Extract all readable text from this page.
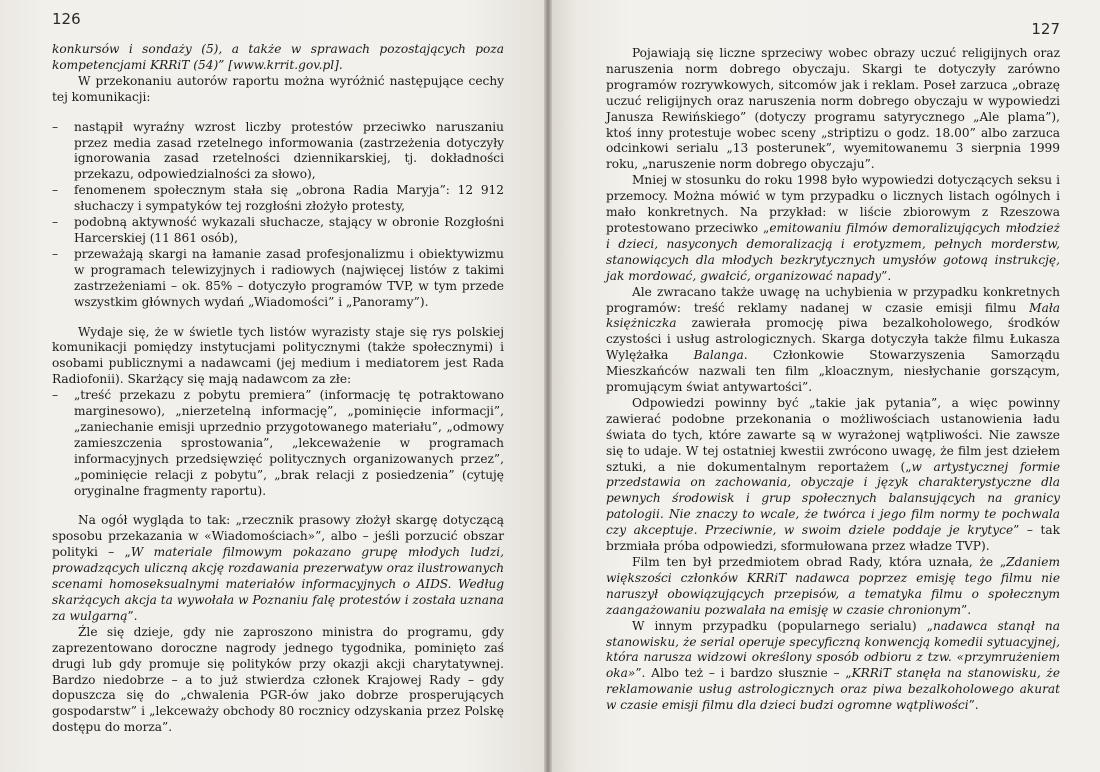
126

konkursów i sondaży (5), a także w sprawach pozostających poza kompetencjami KRRiT (54)” [www.krrit.gov.pl].

W przekonaniu autorów raportu można wyróżnić następujące cechy tej komunikacji:

– nastąpił wyraźny wzrost liczby protestów przeciwko naruszaniu przez media zasad rzetelnego informowania (zastrzeżenia dotyczyły ignorowania zasad rzetelności dziennikarskiej, tj. dokładności przekazu, odpowiedzialności za słowo),
– fenomenem społecznym stała się „obrona Radia Maryja”: 12 912 słuchaczy i sympatyków tej rozgłośni złożyło protesty,
– podobną aktywność wykazali słuchacze, stający w obronie Rozgłośni Harcerskiej (11 861 osób),
– przeważają skargi na łamanie zasad profesjonalizmu i obiektywizmu w programach telewizyjnych i radiowych (najwięcej listów z takimi zastrzeżeniami – ok. 85% – dotyczyło programów TVP, w tym przede wszystkim głównych wydań „Wiadomości” i „Panoramy”).

Wydaje się, że w świetle tych listów wyrazisty staje się rys polskiej komunikacji pomiędzy instytucjami politycznymi (także społecznymi) i osobami publicznymi a nadawcami (jej medium i mediatorem jest Rada Radiofonii). Skarżący się mają nadawcom za złe:

– „treść przekazu z pobytu premiera” (informację tę potraktowano marginesowo), „nierzetelną informację”, „pominięcie informacji”, „zaniechanie emisji uprzednio przygotowanego materiału”, „odmowy zamieszczenia sprostowania”, „lekceważenie w programach informacyjnych przedsięwzięć politycznych organizowanych przez”, „pominięcie relacji z pobytu”, „brak relacji z posiedzenia” (cytuję oryginalne fragmenty raportu).

Na ogół wygląda to tak: „rzecznik prasowy złożył skargę dotyczącą sposobu przekazania w «Wiadomościach»”, albo – jeśli porzucić obszar polityki – „W materiale filmowym pokazano grupę młodych ludzi, prowadzących uliczną akcję rozdawania prezerwatyw oraz ilustrowanych scenami homoseksualnymi materiałów informacyjnych o AIDS. Według skarżących akcja ta wywołała w Poznaniu falę protestów i została uznana za wulgarną”.

Źle się dzieje, gdy nie zaproszono ministra do programu, gdy zaprezentowano doroczne nagrody jednego tygodnika, pominięto zaś drugi lub gdy promuje się polityków przy okazji akcji charytatywnej. Bardzo niedobrze – a to już stwierdza członek Krajowej Rady – gdy dopuszcza się do „chwalenia PGR-ów jako dobrze prosperujących gospodarstw” i „lekceważy obchody 80 rocznicy odzyskania przez Polskę dostępu do morza”.

127

Pojawiają się liczne sprzeciwy wobec obrazy uczuć religijnych oraz naruszenia norm dobrego obyczaju. Skargi te dotyczyły zarówno programów rozrywkowych, sitcomów jak i reklam. Poseł zarzuca „obrazę uczuć religijnych oraz naruszenia norm dobrego obyczaju w wypowiedzi Janusza Rewińskiego” (dotyczy programu satyrycznego „Ale plama”), ktoś inny protestuje wobec sceny „striptizu o godz. 18.00” albo zarzuca odcinkowi serialu „13 posterunek”, wyemitowanemu 3 sierpnia 1999 roku, „naruszenie norm dobrego obyczaju”.

Mniej w stosunku do roku 1998 było wypowiedzi dotyczących seksu i przemocy. Można mówić w tym przypadku o licznych listach ogólnych i mało konkretnych. Na przykład: w liście zbiorowym z Rzeszowa protestowano przeciwko „emitowaniu filmów demoralizujących młodzież i dzieci, nasyconych demoralizacją i erotyzmem, pełnych morderstw, stanowiących dla młodych bezkrytycznych umysłów gotową instrukcję, jak mordować, gwałcić, organizować napady”.

Ale zwracano także uwagę na uchybienia w przypadku konkretnych programów: treść reklamy nadanej w czasie emisji filmu Mała księżniczka zawierała promocję piwa bezalkoholowego, środków czystości i usług astrologicznych. Skarga dotyczyła także filmu Łukasza Wylężałka Balanga. Członkowie Stowarzyszenia Samorządu Mieszkańców nazwali ten film „kloacznym, niesłychanie gorszącym, promującym świat antywartości”.

Odpowiedzi powinny być „takie jak pytania”, a więc powinny zawierać podobne przekonania o możliwościach ustanowienia ładu świata do tych, które zawarte są w wyrażonej wątpliwości. Nie zawsze się to udaje. W tej ostatniej kwestii zwrócono uwagę, że film jest dziełem sztuki, a nie dokumentalnym reportażem („w artystycznej formie przedstawia on zachowania, obyczaje i język charakterystyczne dla pewnych środowisk i grup społecznych balansujących na granicy patologii. Nie znaczy to wcale, że twórca i jego film normy te pochwala czy akceptuje. Przeciwnie, w swoim dziele poddaje je krytyce” – tak brzmiała próba odpowiedzi, sformułowana przez władze TVP).

Film ten był przedmiotem obrad Rady, która uznała, że „Zdaniem większości członków KRRiT nadawca poprzez emisję tego filmu nie naruszył obowiązujących przepisów, a tematyka filmu o społecznym zaangażowaniu pozwalała na emisję w czasie chronionym”.

W innym przypadku (popularnego serialu) „nadawca stanął na stanowisku, że serial operuje specyficzną konwencją komedii sytuacyjnej, która narusza widzowi określony sposób odbioru z tzw. «przymrużeniem oka»”. Albo też – i bardzo słusznie – „KRRiT stanęła na stanowisku, że reklamowanie usług astrologicznych oraz piwa bezalkoholowego akurat w czasie emisji filmu dla dzieci budzi ogromne wątpliwości”.
